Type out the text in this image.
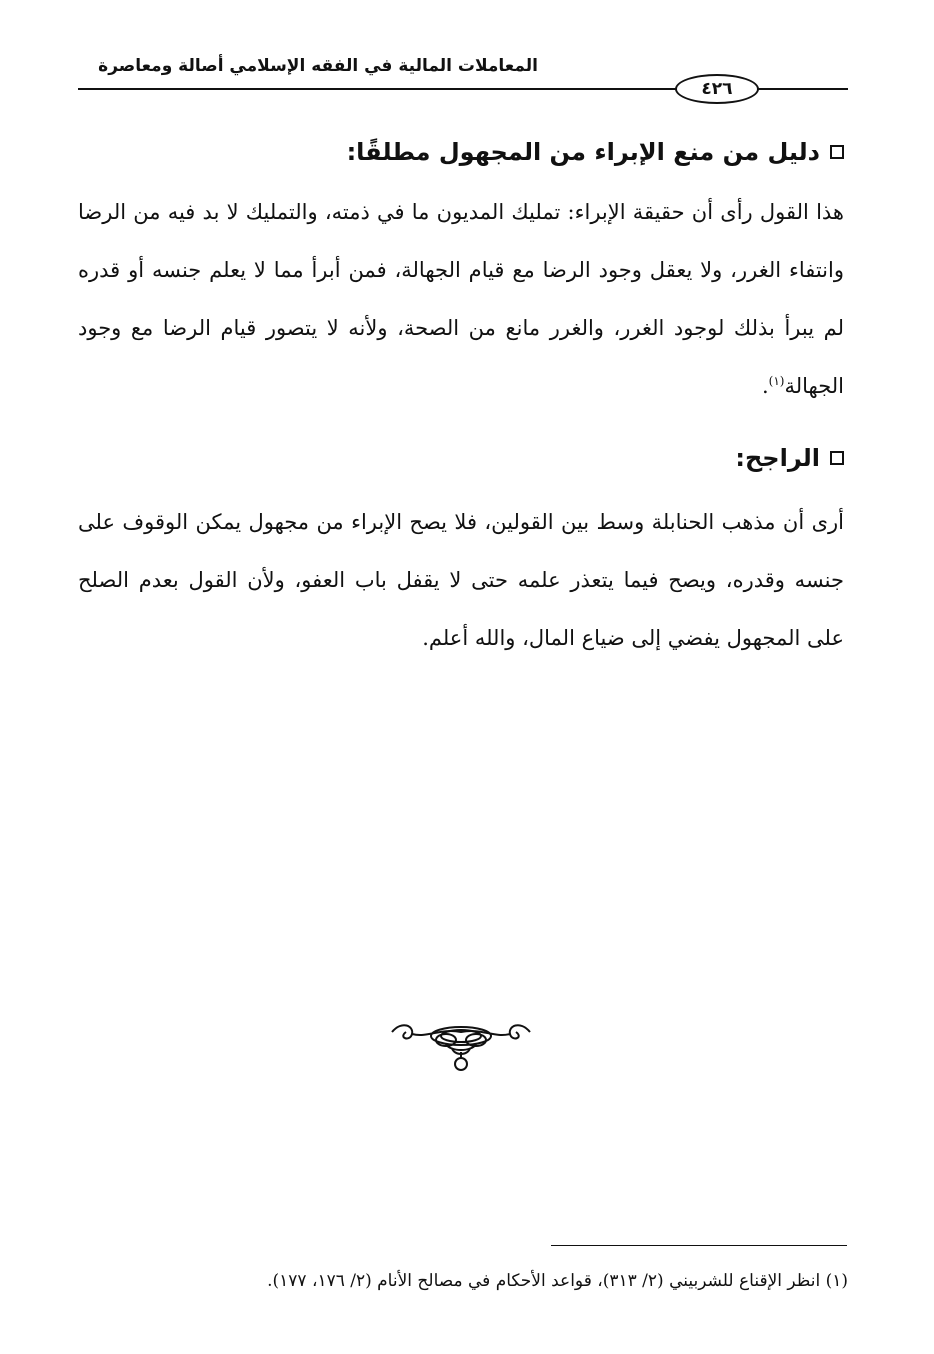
المعاملات المالية في الفقه الإسلامي أصالة ومعاصرة
٤٢٦
دليل من منع الإبراء من المجهول مطلقًا:
هذا القول رأى أن حقيقة الإبراء: تمليك المديون ما في ذمته، والتمليك لا بد فيه من الرضا وانتفاء الغرر، ولا يعقل وجود الرضا مع قيام الجهالة، فمن أبرأ مما لا يعلم جنسه أو قدره لم يبرأ بذلك لوجود الغرر، والغرر مانع من الصحة، ولأنه لا يتصور قيام الرضا مع وجود الجهالة$^{(١)}$.
الراجح:
أرى أن مذهب الحنابلة وسط بين القولين، فلا يصح الإبراء من مجهول يمكن الوقوف على جنسه وقدره، ويصح فيما يتعذر علمه حتى لا يقفل باب العفو، ولأن القول بعدم الصلح على المجهول يفضي إلى ضياع المال، والله أعلم.
(١) انظر الإقناع للشربيني (٢/ ٣١٣)، قواعد الأحكام في مصالح الأنام (٢/ ١٧٦، ١٧٧).
